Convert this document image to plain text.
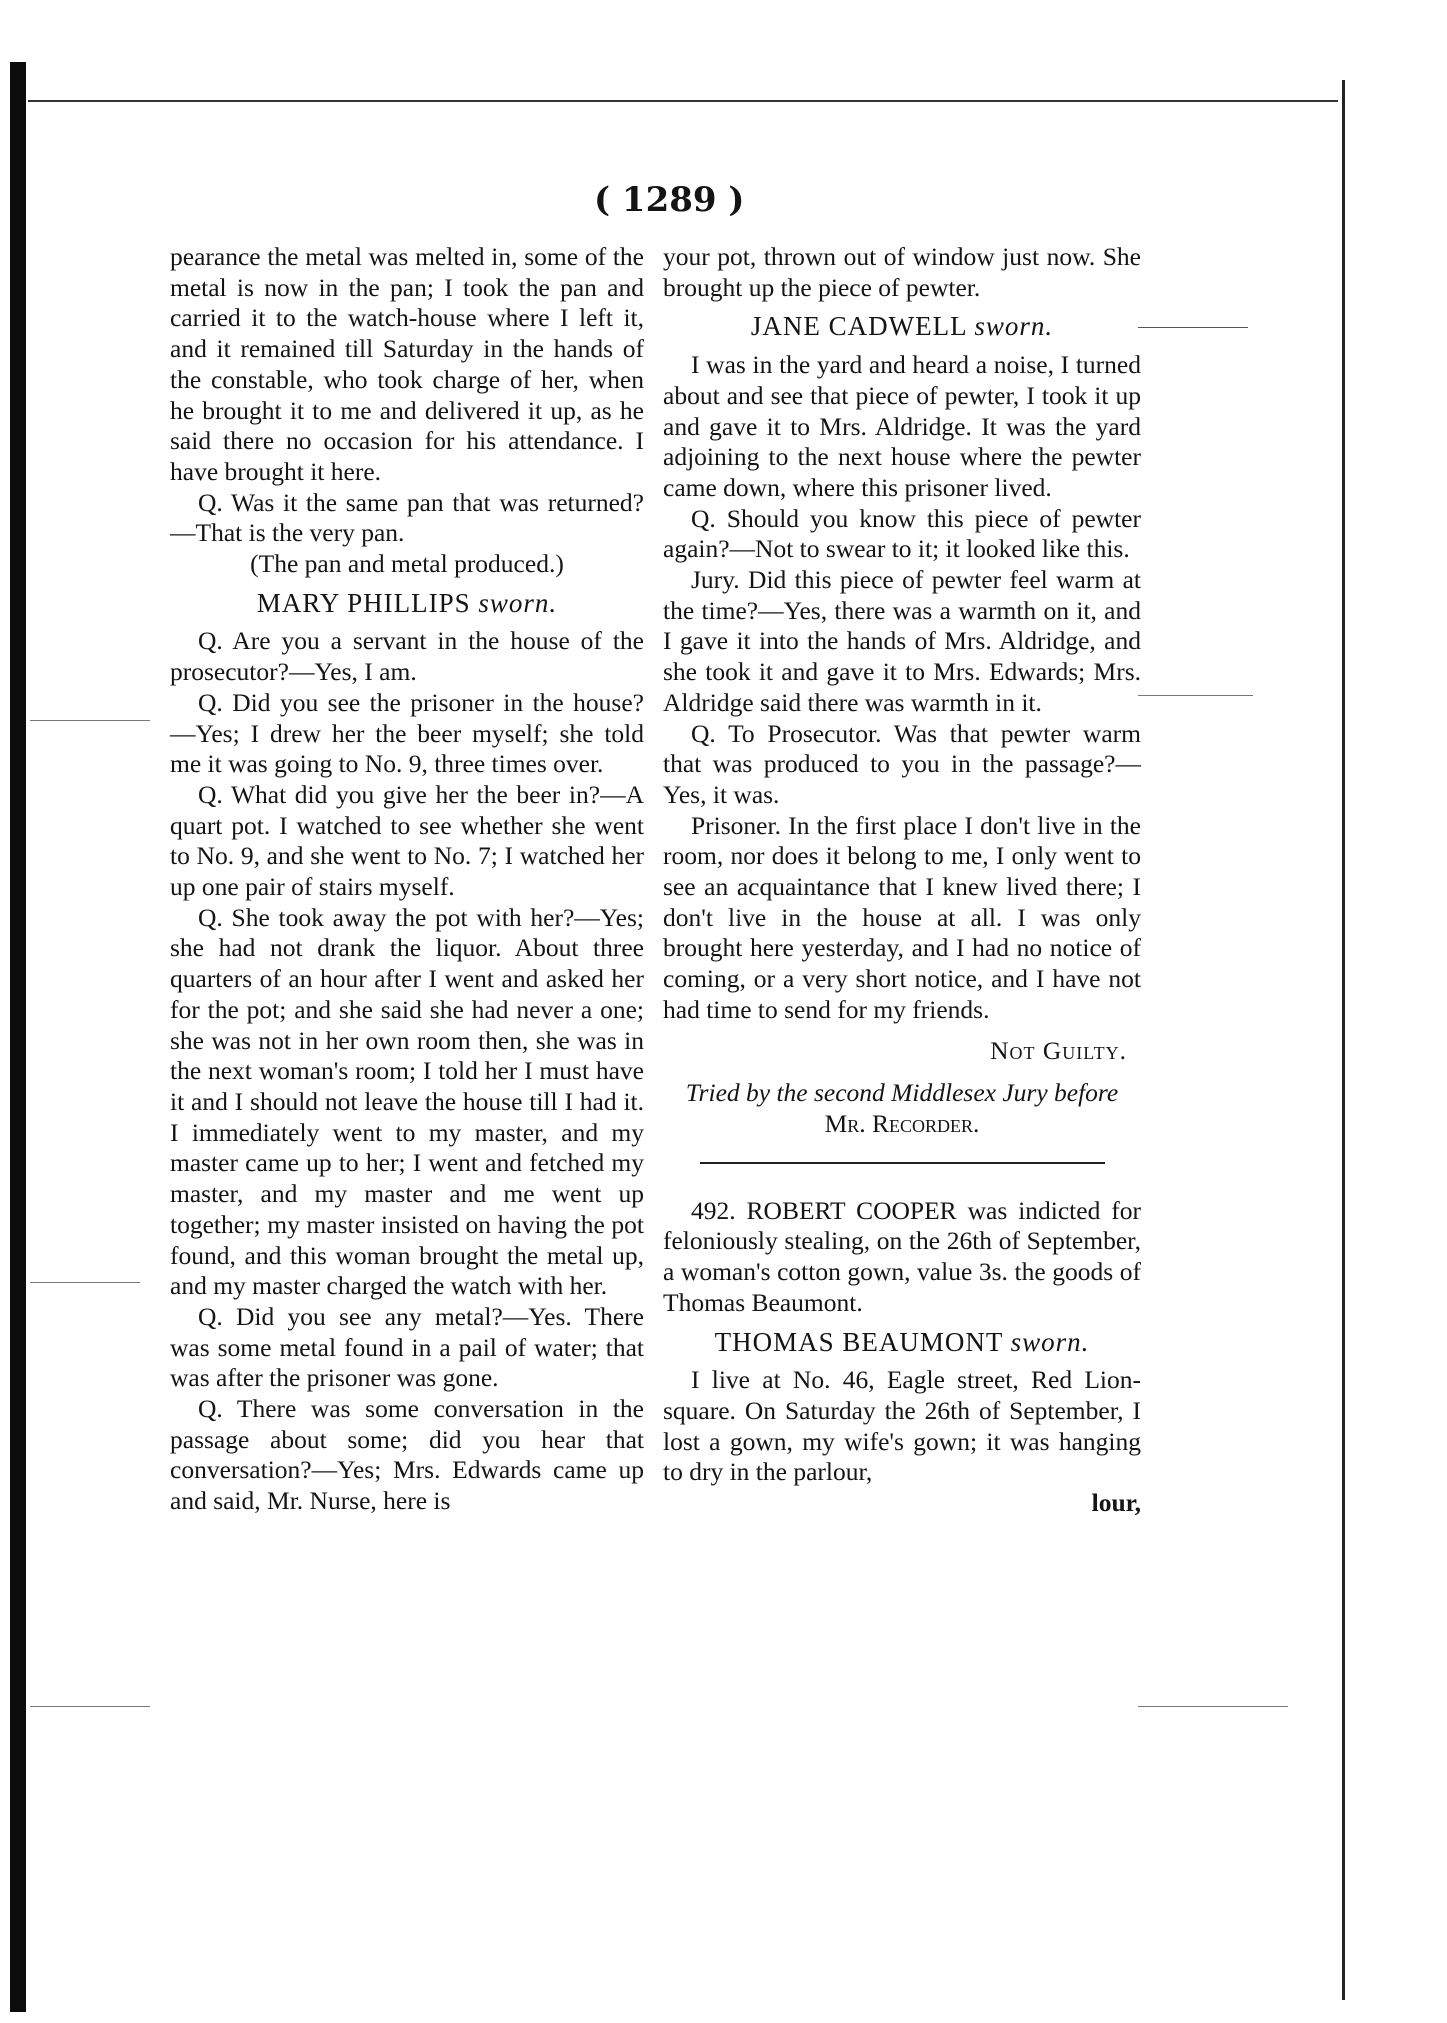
( 1289 )

pearance the metal was melted in, some of the metal is now in the pan; I took the pan and carried it to the watch-house where I left it, and it remained till Saturday in the hands of the constable, who took charge of her, when he brought it to me and delivered it up, as he said there no occasion for his attendance. I have brought it here.

Q. Was it the same pan that was returned?—That is the very pan.

(The pan and metal produced.)

MARY PHILLIPS sworn.

Q. Are you a servant in the house of the prosecutor?—Yes, I am.

Q. Did you see the prisoner in the house?—Yes; I drew her the beer myself; she told me it was going to No. 9, three times over.

Q. What did you give her the beer in?—A quart pot. I watched to see whether she went to No. 9, and she went to No. 7; I watched her up one pair of stairs myself.

Q. She took away the pot with her?—Yes; she had not drank the liquor. About three quarters of an hour after I went and asked her for the pot; and she said she had never a one; she was not in her own room then, she was in the next woman's room; I told her I must have it and I should not leave the house till I had it. I immediately went to my master, and my master came up to her; I went and fetched my master, and my master and me went up together; my master insisted on having the pot found, and this woman brought the metal up, and my master charged the watch with her.

Q. Did you see any metal?—Yes. There was some metal found in a pail of water; that was after the prisoner was gone.

Q. There was some conversation in the passage about some; did you hear that conversation?—Yes; Mrs. Edwards came up and said, Mr. Nurse, here is

your pot, thrown out of window just now. She brought up the piece of pewter.

JANE CADWELL sworn.

I was in the yard and heard a noise, I turned about and see that piece of pewter, I took it up and gave it to Mrs. Aldridge. It was the yard adjoining to the next house where the pewter came down, where this prisoner lived.

Q. Should you know this piece of pewter again?—Not to swear to it; it looked like this.

Jury. Did this piece of pewter feel warm at the time?—Yes, there was a warmth on it, and I gave it into the hands of Mrs. Aldridge, and she took it and gave it to Mrs. Edwards; Mrs. Aldridge said there was warmth in it.

Q. To Prosecutor. Was that pewter warm that was produced to you in the passage?—Yes, it was.

Prisoner. In the first place I don't live in the room, nor does it belong to me, I only went to see an acquaintance that I knew lived there; I don't live in the house at all. I was only brought here yesterday, and I had no notice of coming, or a very short notice, and I have not had time to send for my friends.

Not Guilty.

Tried by the second Middlesex Jury before

Mr. Recorder.

492. ROBERT COOPER was indicted for feloniously stealing, on the 26th of September, a woman's cotton gown, value 3s. the goods of Thomas Beaumont.

THOMAS BEAUMONT sworn.

I live at No. 46, Eagle street, Red Lion-square. On Saturday the 26th of September, I lost a gown, my wife's gown; it was hanging to dry in the parlour,

lour,
